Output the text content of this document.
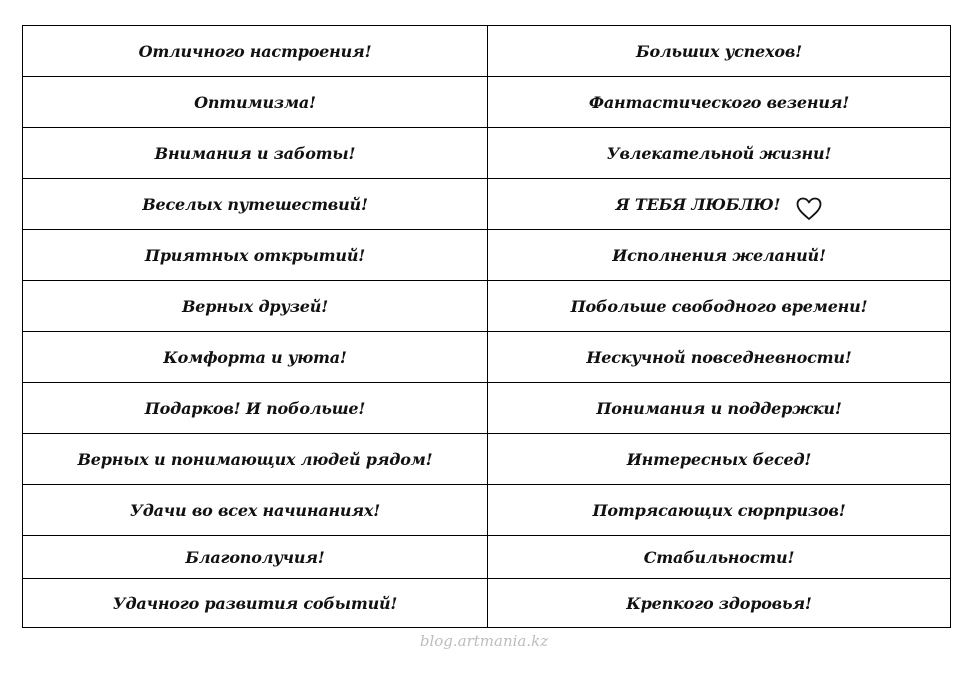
Отличного настроения!	Больших успехов!
Оптимизма!	Фантастического везения!
Внимания и заботы!	Увлекательной жизни!
Веселых путешествий!	Я ТЕБЯ ЛЮБЛЮ!
Приятных открытий!	Исполнения желаний!
Верных друзей!	Побольше свободного времени!
Комфорта и уюта!	Нескучной повседневности!
Подарков! И побольше!	Понимания и поддержки!
Верных и понимающих людей рядом!	Интересных бесед!
Удачи во всех начинаниях!	Потрясающих сюрпризов!
Благополучия!	Стабильности!
Удачного развития событий!	Крепкого здоровья!
blog.artmania.kz
